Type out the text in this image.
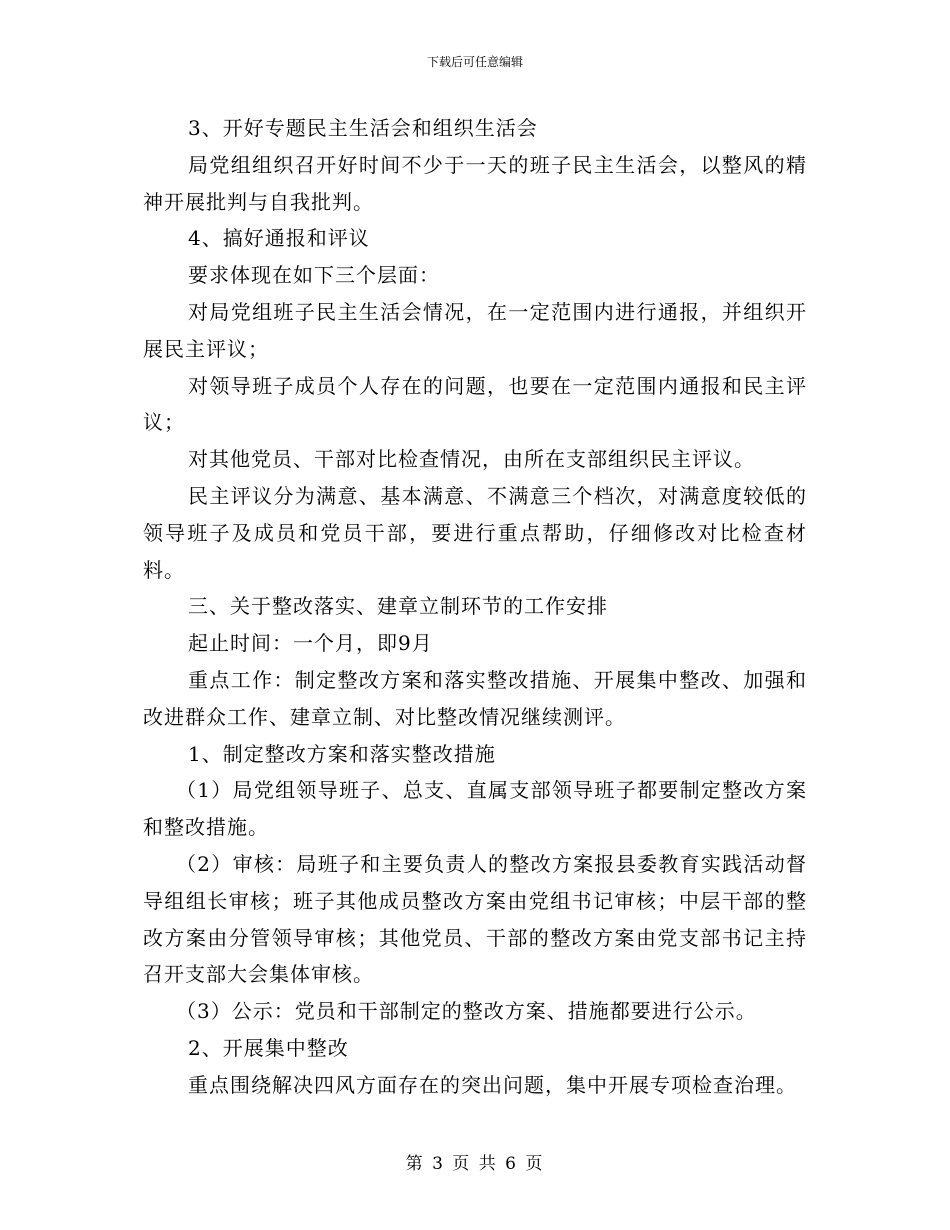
下载后可任意编辑

3、开好专题民主生活会和组织生活会

局党组组织召开好时间不少于一天的班子民主生活会，以整风的精神开展批判与自我批判。

4、搞好通报和评议

要求体现在如下三个层面：

对局党组班子民主生活会情况，在一定范围内进行通报，并组织开展民主评议；

对领导班子成员个人存在的问题，也要在一定范围内通报和民主评议；

对其他党员、干部对比检查情况，由所在支部组织民主评议。

民主评议分为满意、基本满意、不满意三个档次，对满意度较低的领导班子及成员和党员干部，要进行重点帮助，仔细修改对比检查材料。

三、关于整改落实、建章立制环节的工作安排

起止时间：一个月，即9月

重点工作：制定整改方案和落实整改措施、开展集中整改、加强和改进群众工作、建章立制、对比整改情况继续测评。

1、制定整改方案和落实整改措施

（1）局党组领导班子、总支、直属支部领导班子都要制定整改方案和整改措施。

（2）审核：局班子和主要负责人的整改方案报县委教育实践活动督导组组长审核；班子其他成员整改方案由党组书记审核；中层干部的整改方案由分管领导审核；其他党员、干部的整改方案由党支部书记主持召开支部大会集体审核。

（3）公示：党员和干部制定的整改方案、措施都要进行公示。

2、开展集中整改

重点围绕解决四风方面存在的突出问题，集中开展专项检查治理。

第 3 页 共 6 页
